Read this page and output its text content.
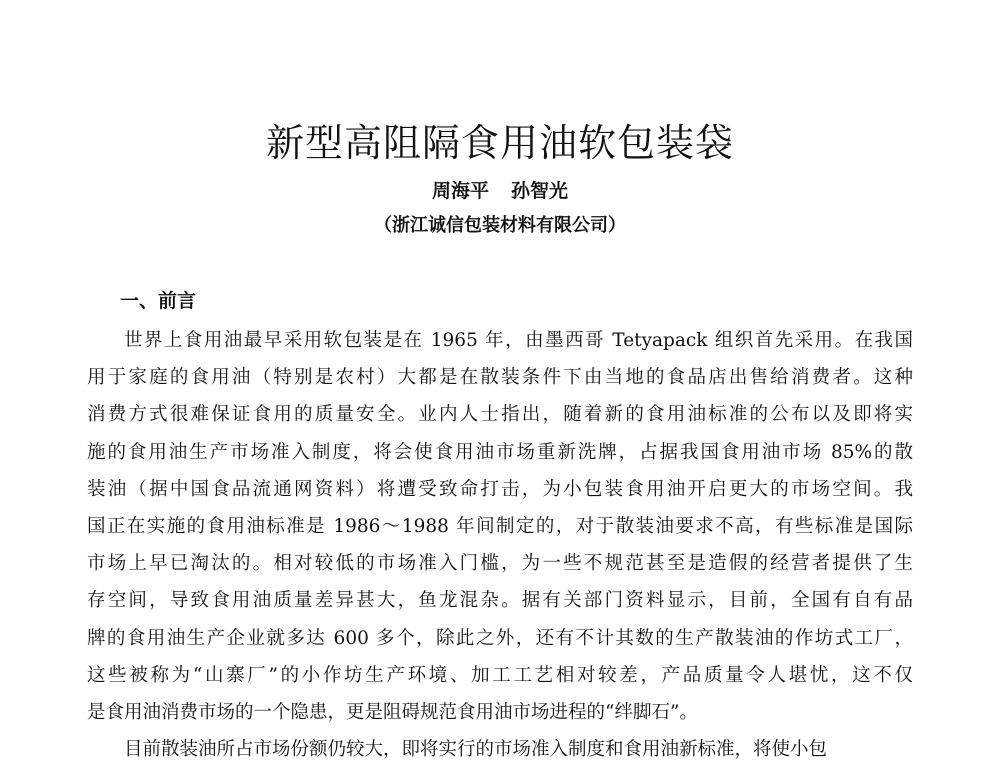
新型高阻隔食用油软包装袋
周海平 孙智光
（浙江诚信包装材料有限公司）
一、前言
世界上食用油最早采用软包装是在 1965 年，由墨西哥 Tetyapack 组织首先采用。在我国
用于家庭的食用油（特别是农村）大都是在散装条件下由当地的食品店出售给消费者。这种
消费方式很难保证食用的质量安全。业内人士指出，随着新的食用油标准的公布以及即将实
施的食用油生产市场准入制度，将会使食用油市场重新洗牌，占据我国食用油市场 85%的散
装油（据中国食品流通网资料）将遭受致命打击，为小包装食用油开启更大的市场空间。我
国正在实施的食用油标准是 1986～1988 年间制定的，对于散装油要求不高，有些标准是国际
市场上早已淘汰的。相对较低的市场准入门槛，为一些不规范甚至是造假的经营者提供了生
存空间，导致食用油质量差异甚大，鱼龙混杂。据有关部门资料显示，目前，全国有自有品
牌的食用油生产企业就多达 600 多个，除此之外，还有不计其数的生产散装油的作坊式工厂，
这些被称为“山寨厂”的小作坊生产环境、加工工艺相对较差，产品质量令人堪忧，这不仅
是食用油消费市场的一个隐患，更是阻碍规范食用油市场进程的“绊脚石”。
目前散装油所占市场份额仍较大，即将实行的市场准入制度和食用油新标准，将使小包
